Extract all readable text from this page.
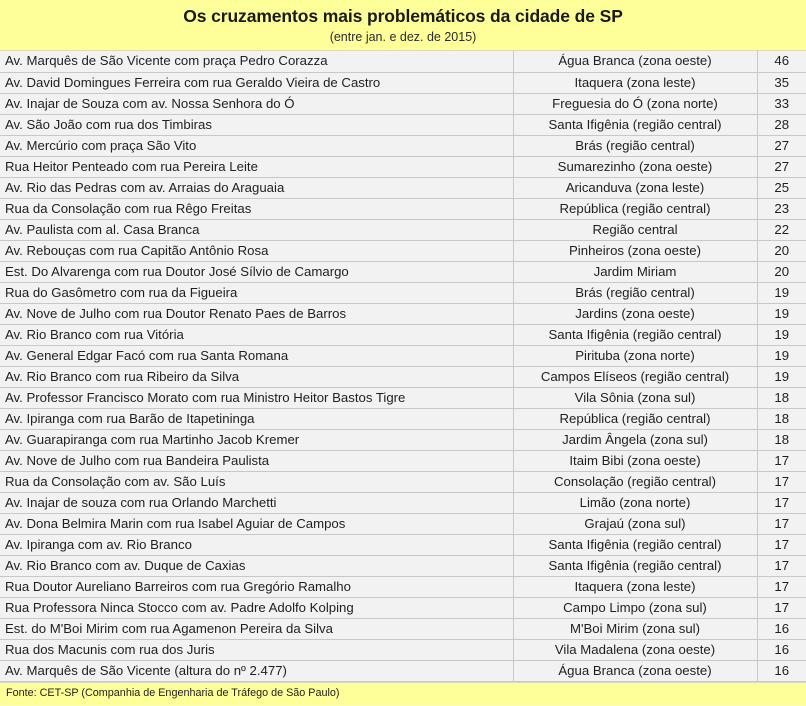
Os cruzamentos mais problemáticos da cidade de SP

(entre jan. e dez. de 2015)

Av. Marquês de São Vicente com praça Pedro Corazza	Água Branca (zona oeste)	46
Av. David Domingues Ferreira com rua Geraldo Vieira de Castro	Itaquera (zona leste)	35
Av. Inajar de Souza com av. Nossa Senhora do Ó	Freguesia do Ó (zona norte)	33
Av. São João com rua dos Timbiras	Santa Ifigênia (região central)	28
Av. Mercúrio com praça São Vito	Brás (região central)	27
Rua Heitor Penteado com rua Pereira Leite	Sumarezinho (zona oeste)	27
Av. Rio das Pedras com av. Arraias do Araguaia	Aricanduva (zona leste)	25
Rua da Consolação com rua Rêgo Freitas	República (região central)	23
Av. Paulista com al. Casa Branca	Região central	22
Av. Rebouças com rua Capitão Antônio Rosa	Pinheiros (zona oeste)	20
Est. Do Alvarenga com rua Doutor José Sílvio de Camargo	Jardim Miriam	20
Rua do Gasômetro com rua da Figueira	Brás (região central)	19
Av. Nove de Julho com rua Doutor Renato Paes de Barros	Jardins (zona oeste)	19
Av. Rio Branco com rua Vitória	Santa Ifigênia (região central)	19
Av. General Edgar Facó com rua Santa Romana	Pirituba (zona norte)	19
Av. Rio Branco com rua Ribeiro da Silva	Campos Elíseos (região central)	19
Av. Professor Francisco Morato com rua Ministro Heitor Bastos Tigre	Vila Sônia (zona sul)	18
Av. Ipiranga com rua Barão de Itapetininga	República (região central)	18
Av. Guarapiranga com rua Martinho Jacob Kremer	Jardim Ângela (zona sul)	18
Av. Nove de Julho com rua Bandeira Paulista	Itaim Bibi (zona oeste)	17
Rua da Consolação com av. São Luís	Consolação (região central)	17
Av. Inajar de souza com rua Orlando Marchetti	Limão (zona norte)	17
Av. Dona Belmira Marin com rua Isabel Aguiar de Campos	Grajaú (zona sul)	17
Av. Ipiranga com av. Rio Branco	Santa Ifigênia (região central)	17
Av. Rio Branco com av. Duque de Caxias	Santa Ifigênia (região central)	17
Rua Doutor Aureliano Barreiros com rua Gregório Ramalho	Itaquera (zona leste)	17
Rua Professora Ninca Stocco com av. Padre Adolfo Kolping	Campo Limpo (zona sul)	17
Est. do M'Boi Mirim com rua Agamenon Pereira da Silva	M'Boi Mirim (zona sul)	16
Rua dos Macunis com rua dos Juris	Vila Madalena (zona oeste)	16
Av. Marquês de São Vicente (altura do nº 2.477)	Água Branca (zona oeste)	16

Fonte: CET-SP (Companhia de Engenharia de Tráfego de São Paulo)
